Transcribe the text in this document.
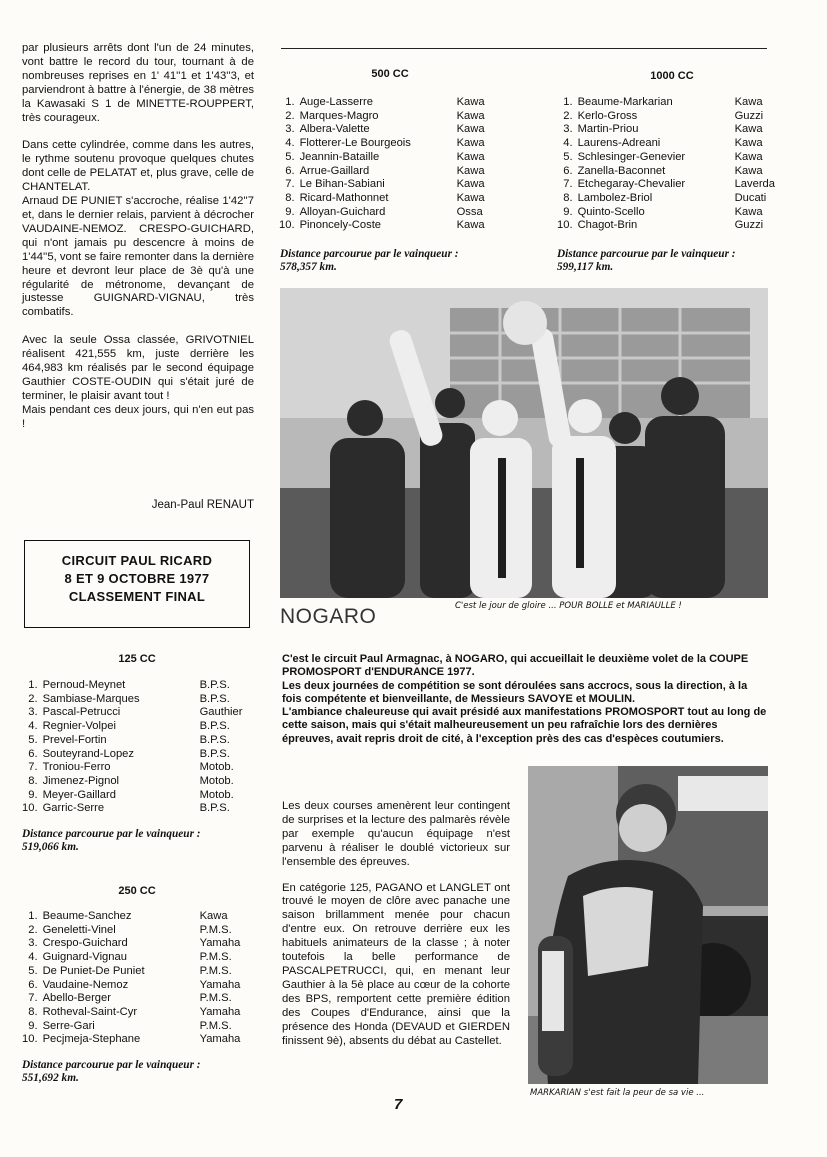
par plusieurs arrêts dont l'un de 24 minutes, vont battre le record du tour, tournant à de nombreuses reprises en 1' 41''1 et 1'43''3, et parviendront à battre à l'énergie, de 38 mètres la Kawasaki S 1 de MINETTE-ROUPPERT, très courageux.

Dans cette cylindrée, comme dans les autres, le rythme soutenu provoque quelques chutes dont celle de PELATAT et, plus grave, celle de CHANTELAT.
Arnaud DE PUNIET s'accroche, réalise 1'42''7 et, dans le dernier relais, parvient à décrocher VAUDAINE-NEMOZ. CRESPO-GUICHARD, qui n'ont jamais pu descencre à moins de 1'44''5, vont se faire remonter dans la dernière heure et devront leur place de 3è qu'à une régularité de métronome, devançant de justesse GUIGNARD-VIGNAU, très combatifs.

Avec la seule Ossa classée, GRIVOTNIEL réalisent 421,555 km, juste derrière les 464,983 km réalisés par le second équipage Gauthier COSTE-OUDIN qui s'était juré de terminer, le plaisir avant tout !
Mais pendant ces deux jours, qui n'en eut pas !

Jean-Paul RENAUT
CIRCUIT PAUL RICARD
8 ET 9 OCTOBRE 1977
CLASSEMENT FINAL
125 CC
1.	Pernoud-Meynet	B.P.S.
2.	Sambiase-Marques	B.P.S.
3.	Pascal-Petrucci	Gauthier
4.	Regnier-Volpei	B.P.S.
5.	Prevel-Fortin	B.P.S.
6.	Souteyrand-Lopez	B.P.S.
7.	Troniou-Ferro	Motob.
8.	Jimenez-Pignol	Motob.
9.	Meyer-Gaillard	Motob.
10.	Garric-Serre	B.P.S.
Distance parcourue par le vainqueur :
519,066 km.
250 CC
1.	Beaume-Sanchez	Kawa
2.	Geneletti-Vinel	P.M.S.
3.	Crespo-Guichard	Yamaha
4.	Guignard-Vignau	P.M.S.
5.	De Puniet-De Puniet	P.M.S.
6.	Vaudaine-Nemoz	Yamaha
7.	Abello-Berger	P.M.S.
8.	Rotheval-Saint-Cyr	Yamaha
9.	Serre-Gari	P.M.S.
10.	Pecjmeja-Stephane	Yamaha
Distance parcourue par le vainqueur :
551,692 km.
500 CC
1.	Auge-Lasserre	Kawa
2.	Marques-Magro	Kawa
3.	Albera-Valette	Kawa
4.	Flotterer-Le Bourgeois	Kawa
5.	Jeannin-Bataille	Kawa
6.	Arrue-Gaillard	Kawa
7.	Le Bihan-Sabiani	Kawa
8.	Ricard-Mathonnet	Kawa
9.	Alloyan-Guichard	Ossa
10.	Pinoncely-Coste	Kawa
Distance parcourue par le vainqueur :
578,357 km.
1000 CC
1.	Beaume-Markarian	Kawa
2.	Kerlo-Gross	Guzzi
3.	Martin-Priou	Kawa
4.	Laurens-Adreani	Kawa
5.	Schlesinger-Genevier	Kawa
6.	Zanella-Baconnet	Kawa
7.	Etchegaray-Chevalier	Laverda
8.	Lambolez-Briol	Ducati
9.	Quinto-Scello	Kawa
10.	Chagot-Brin	Guzzi
Distance parcourue par le vainqueur :
599,117 km.
NOGARO	C'est le jour de gloire ... POUR BOLLE et MARIAULLE !

C'est le circuit Paul Armagnac, à NOGARO, qui accueillait le deuxième volet de la COUPE PROMOSPORT d'ENDURANCE 1977.
Les deux journées de compétition se sont déroulées sans accrocs, sous la direction, à la fois compétente et bienveillante, de Messieurs SAVOYE et MOULIN.
L'ambiance chaleureuse qui avait présidé aux manifestations PROMOSPORT tout au long de cette saison, mais qui s'était malheureusement un peu rafraîchie lors des dernières épreuves, avait repris droit de cité, à l'exception près des cas d'espèces coutumiers.

Les deux courses amenèrent leur contingent de surprises et la lecture des palmarès révèle par exemple qu'aucun équipage n'est parvenu à réaliser le doublé victorieux sur l'ensemble des épreuves.

En catégorie 125, PAGANO et LANGLET ont trouvé le moyen de clôre avec panache une saison brillamment menée pour chacun d'entre eux. On retrouve derrière eux les habituels animateurs de la classe ; à noter toutefois la belle performance de PASCALPETRUCCI, qui, en menant leur Gauthier à la 5è place au cœur de la cohorte des BPS, remportent cette première édition des Coupes d'Endurance, ainsi que la présence des Honda (DEVAUD et GIERDEN finissent 9è), absents du débat au Castellet.

MARKARIAN s'est fait la peur de sa vie ...
7
